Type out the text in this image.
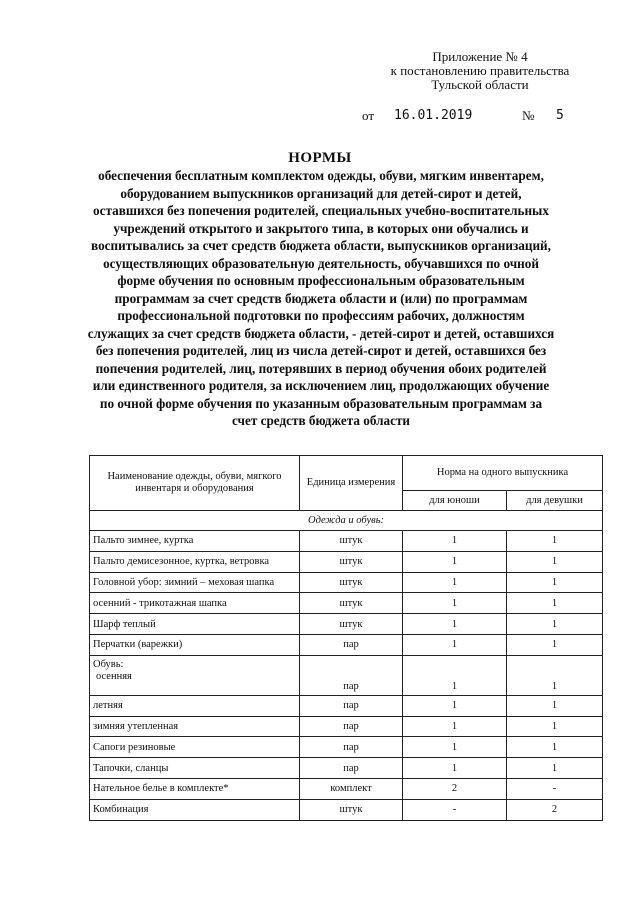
Приложение № 4
к постановлению правительства
Тульской области
от 16.01.2019	№ 5
НОРМЫ
обеспечения бесплатным комплектом одежды, обуви, мягким инвентарем, оборудованием выпускников организаций для детей-сирот и детей, оставшихся без попечения родителей, специальных учебно-воспитательных учреждений открытого и закрытого типа, в которых они обучались и воспитывались за счет средств бюджета области, выпускников организаций, осуществляющих образовательную деятельность, обучавшихся по очной форме обучения по основным профессиональным образовательным программам за счет средств бюджета области и (или) по программам профессиональной подготовки по профессиям рабочих, должностям служащих за счет средств бюджета области, - детей-сирот и детей, оставшихся без попечения родителей, лиц из числа детей-сирот и детей, оставшихся без попечения родителей, лиц, потерявших в период обучения обоих родителей или единственного родителя, за исключением лиц, продолжающих обучение по очной форме обучения по указанным образовательным программам за счет средств бюджета области
Наименование одежды, обуви, мягкого инвентаря и оборудования	Единица измерения	Норма на одного выпускника	
		для юноши	для девушки
Одежда и обувь:			
Пальто зимнее, куртка	штук	1	1
Пальто демисезонное, куртка, ветровка	штук	1	1
Головной убор: зимний – меховая шапка	штук	1	1
осенний - трикотажная шапка	штук	1	1
Шарф теплый	штук	1	1
Перчатки (варежки)	пар	1	1

Обувь:
осенняя	пар	1	1
летняя	пар	1	1
зимняя утепленная	пар	1	1
Сапоги резиновые	пар	1	1
Тапочки, сланцы	пар	1	1
Нательное белье в комплекте*	комплект	2	-
Комбинация	штук	-	2
